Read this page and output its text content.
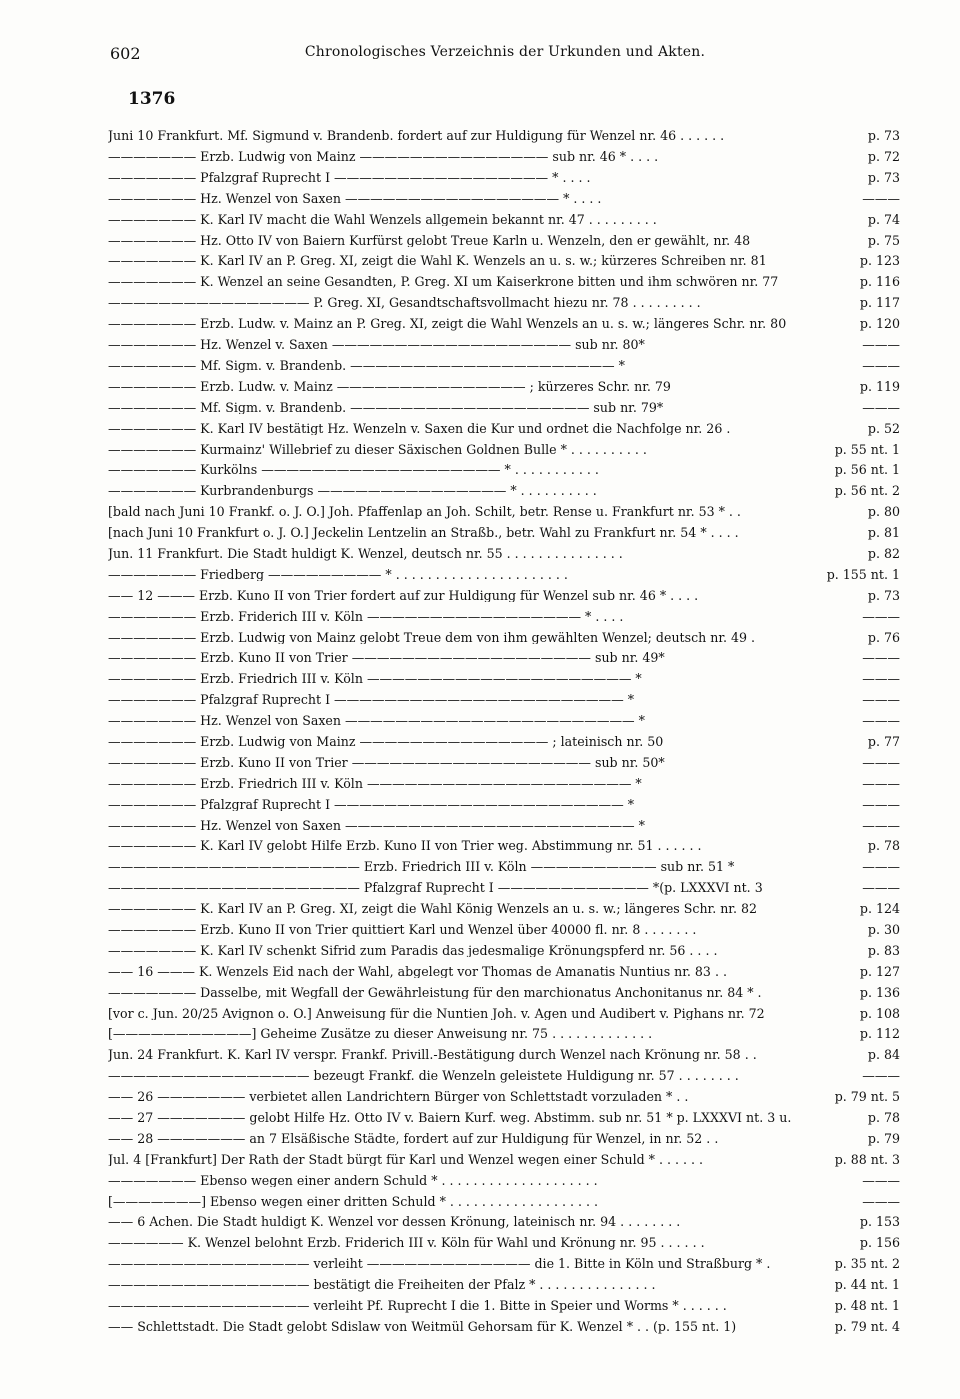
602	Chronologisches Verzeichnis der Urkunden und Akten.
1376
Juni 10 Frankfurt. Mf. Sigmund v. Brandenb. fordert auf zur Huldigung für Wenzel nr. 46 . . . . . .	p. 73
——————— Erzb. Ludwig von Mainz ——————————————— sub nr. 46 * . . . .	p. 72
——————— Pfalzgraf Ruprecht I ————————————————— * . . . .	p. 73
——————— Hz. Wenzel von Saxen ————————————————— * . . . .	———
——————— K. Karl IV macht die Wahl Wenzels allgemein bekannt nr. 47 . . . . . . . . .	p. 74
——————— Hz. Otto IV von Baiern Kurfürst gelobt Treue Karln u. Wenzeln, den er gewählt, nr. 48	p. 75
——————— K. Karl IV an P. Greg. XI, zeigt die Wahl K. Wenzels an u. s. w.; kürzeres Schreiben nr. 81	p. 123
——————— K. Wenzel an seine Gesandten, P. Greg. XI um Kaiserkrone bitten und ihm schwören nr. 77	p. 116
———————————————— P. Greg. XI, Gesandtschaftsvollmacht hiezu nr. 78 . . . . . . . . .	p. 117
——————— Erzb. Ludw. v. Mainz an P. Greg. XI, zeigt die Wahl Wenzels an u. s. w.; längeres Schr. nr. 80	p. 120
——————— Hz. Wenzel v. Saxen ——————————————————— sub nr. 80*	———
——————— Mf. Sigm. v. Brandenb. ————————————————————— *	———
——————— Erzb. Ludw. v. Mainz ——————————————— ; kürzeres Schr. nr. 79	p. 119
——————— Mf. Sigm. v. Brandenb. ——————————————————— sub nr. 79*	———
——————— K. Karl IV bestätigt Hz. Wenzeln v. Saxen die Kur und ordnet die Nachfolge nr. 26 .	p. 52
——————— Kurmainz' Willebrief zu dieser Säxischen Goldnen Bulle * . . . . . . . . . .	p. 55 nt. 1
——————— Kurkölns ——————————————————— * . . . . . . . . . . .	p. 56 nt. 1
——————— Kurbrandenburgs ——————————————— * . . . . . . . . . .	p. 56 nt. 2
[bald nach Juni 10 Frankf. o. J. O.] Joh. Pfaffenlap an Joh. Schilt, betr. Rense u. Frankfurt nr. 53 * . .	p. 80
[nach Juni 10 Frankfurt o. J. O.] Jeckelin Lentzelin an Straßb., betr. Wahl zu Frankfurt nr. 54 * . . . .	p. 81
Jun. 11 Frankfurt. Die Stadt huldigt K. Wenzel, deutsch nr. 55 . . . . . . . . . . . . . . .	p. 82
——————— Friedberg ————————— * . . . . . . . . . . . . . . . . . . . . . .	p. 155 nt. 1
—— 12 ——— Erzb. Kuno II von Trier fordert auf zur Huldigung für Wenzel sub nr. 46 * . . . .	p. 73
——————— Erzb. Friderich III v. Köln ————————————————— * . . . .	———
——————— Erzb. Ludwig von Mainz gelobt Treue dem von ihm gewählten Wenzel; deutsch nr. 49 .	p. 76
——————— Erzb. Kuno II von Trier ——————————————————— sub nr. 49*	———
——————— Erzb. Friedrich III v. Köln ————————————————————— *	———
——————— Pfalzgraf Ruprecht I ——————————————————————— *	———
——————— Hz. Wenzel von Saxen ——————————————————————— *	———
——————— Erzb. Ludwig von Mainz ——————————————— ; lateinisch nr. 50	p. 77
——————— Erzb. Kuno II von Trier ——————————————————— sub nr. 50*	———
——————— Erzb. Friedrich III v. Köln ————————————————————— *	———
——————— Pfalzgraf Ruprecht I ——————————————————————— *	———
——————— Hz. Wenzel von Saxen ——————————————————————— *	———
——————— K. Karl IV gelobt Hilfe Erzb. Kuno II von Trier weg. Abstimmung nr. 51 . . . . . .	p. 78
———————————————————— Erzb. Friedrich III v. Köln —————————— sub nr. 51 *	———
———————————————————— Pfalzgraf Ruprecht I ———————————— *(p. LXXXVI nt. 3	———
——————— K. Karl IV an P. Greg. XI, zeigt die Wahl König Wenzels an u. s. w.; längeres Schr. nr. 82	p. 124
——————— Erzb. Kuno II von Trier quittiert Karl und Wenzel über 40000 fl. nr. 8 . . . . . . .	p. 30
——————— K. Karl IV schenkt Sifrid zum Paradis das jedesmalige Krönungspferd nr. 56 . . . .	p. 83
—— 16 ——— K. Wenzels Eid nach der Wahl, abgelegt vor Thomas de Amanatis Nuntius nr. 83 . .	p. 127
——————— Dasselbe, mit Wegfall der Gewährleistung für den marchionatus Anchonitanus nr. 84 * .	p. 136
[vor c. Jun. 20/25 Avignon o. O.] Anweisung für die Nuntien Joh. v. Agen und Audibert v. Pighans nr. 72	p. 108
[———————————] Geheime Zusätze zu dieser Anweisung nr. 75 . . . . . . . . . . . . .	p. 112
Jun. 24 Frankfurt. K. Karl IV verspr. Frankf. Privill.-Bestätigung durch Wenzel nach Krönung nr. 58 . .	p. 84
———————————————— bezeugt Frankf. die Wenzeln geleistete Huldigung nr. 57 . . . . . . . .	———
—— 26 ——————— verbietet allen Landrichtern Bürger von Schlettstadt vorzuladen * . .	p. 79 nt. 5
—— 27 ——————— gelobt Hilfe Hz. Otto IV v. Baiern Kurf. weg. Abstimm. sub nr. 51 * p. LXXXVI nt. 3 u.	p. 78
—— 28 ——————— an 7 Elsäßische Städte, fordert auf zur Huldigung für Wenzel, in nr. 52 . .	p. 79
Jul. 4 [Frankfurt] Der Rath der Stadt bürgt für Karl und Wenzel wegen einer Schuld * . . . . . .	p. 88 nt. 3
——————— Ebenso wegen einer andern Schuld * . . . . . . . . . . . . . . . . . . . .	———
[———————] Ebenso wegen einer dritten Schuld * . . . . . . . . . . . . . . . . . . .	———
—— 6 Achen. Die Stadt huldigt K. Wenzel vor dessen Krönung, lateinisch nr. 94 . . . . . . . .	p. 153
—————— K. Wenzel belohnt Erzb. Friderich III v. Köln für Wahl und Krönung nr. 95 . . . . . .	p. 156
———————————————— verleiht ————————————— die 1. Bitte in Köln und Straßburg * .	p. 35 nt. 2
———————————————— bestätigt die Freiheiten der Pfalz * . . . . . . . . . . . . . . .	p. 44 nt. 1
———————————————— verleiht Pf. Ruprecht I die 1. Bitte in Speier und Worms * . . . . . .	p. 48 nt. 1
—— Schlettstadt. Die Stadt gelobt Sdislaw von Weitmül Gehorsam für K. Wenzel * . . (p. 155 nt. 1)	p. 79 nt. 4
